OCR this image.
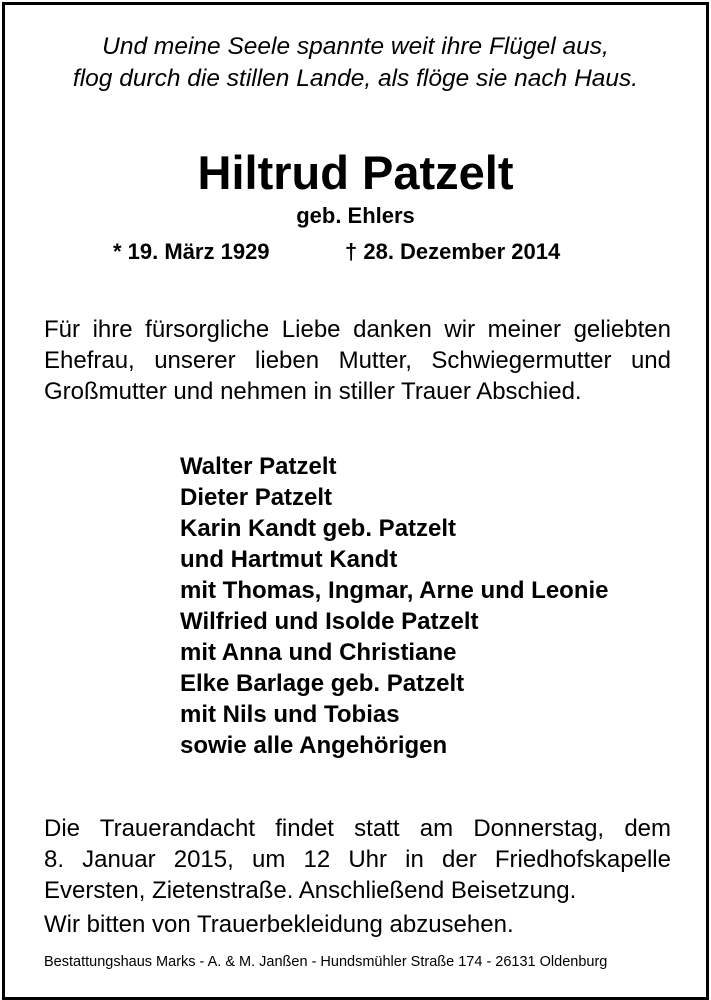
Und meine Seele spannte weit ihre Flügel aus,
flog durch die stillen Lande, als flöge sie nach Haus.
Hiltrud Patzelt
geb. Ehlers
* 19. März 1929	† 28. Dezember 2014
Für ihre fürsorgliche Liebe danken wir meiner geliebten
Ehefrau, unserer lieben Mutter, Schwiegermutter und
Großmutter und nehmen in stiller Trauer Abschied.
Walter Patzelt
Dieter Patzelt
Karin Kandt geb. Patzelt
und Hartmut Kandt
mit Thomas, Ingmar, Arne und Leonie
Wilfried und Isolde Patzelt
mit Anna und Christiane
Elke Barlage geb. Patzelt
mit Nils und Tobias
sowie alle Angehörigen
Die Trauerandacht findet statt am Donnerstag, dem
8. Januar 2015, um 12 Uhr in der Friedhofskapelle
Eversten, Zietenstraße. Anschließend Beisetzung.
Wir bitten von Trauerbekleidung abzusehen.
Bestattungshaus Marks - A. & M. Janßen - Hundsmühler Straße 174 - 26131 Oldenburg
